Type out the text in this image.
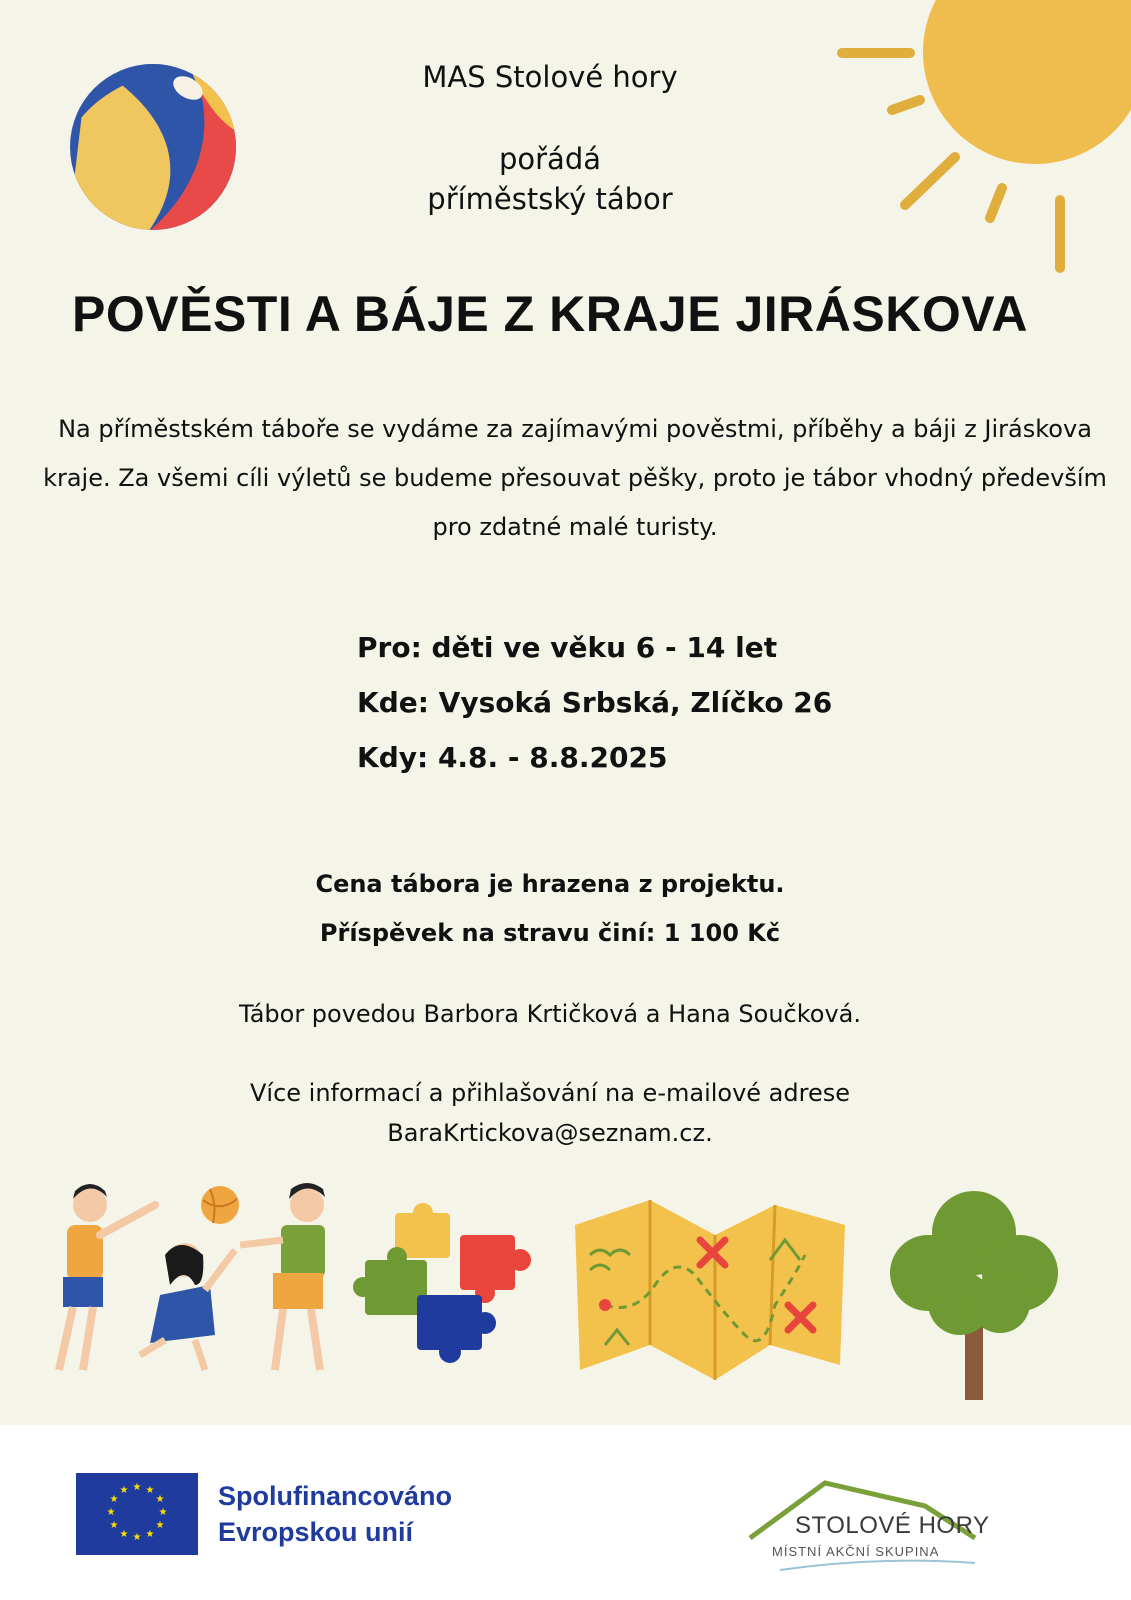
MAS Stolové hory
pořádá
příměstský tábor
POVĚSTI A BÁJE Z KRAJE JIRÁSKOVA
Na příměstském táboře se vydáme za zajímavými pověstmi, příběhy a báji z Jiráskova kraje. Za všemi cíli výletů se budeme přesouvat pěšky, proto je tábor vhodný především pro zdatné malé turisty.
Pro: děti ve věku 6 - 14 let
Kde: Vysoká Srbská, Zlíčko 26
Kdy: 4.8. - 8.8.2025
Cena tábora je hrazena z projektu.
Příspěvek na stravu činí: 1 100 Kč
Tábor povedou Barbora Krtičková a Hana Součková.
Více informací a přihlašování na e-mailové adrese
BaraKrtickova@seznam.cz.
★ ★
★
★
★
★
★
★
★
★
★
★	Spolufinancováno
Evropskou unií	STOLOVÉ HORY
MÍSTNÍ AKČNÍ SKUPINA
